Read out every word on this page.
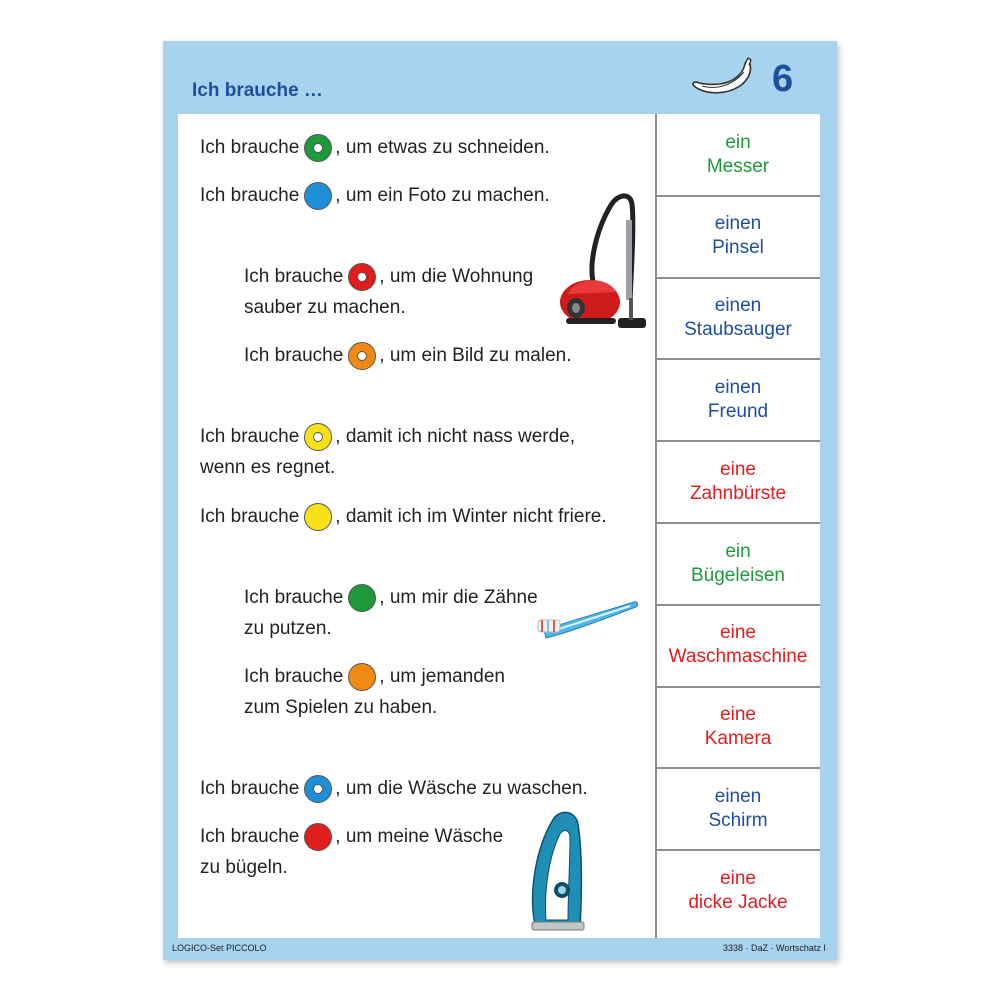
Ich brauche …	6
Ich brauche , um etwas zu schneiden.
Ich brauche , um ein Foto zu machen.
Ich brauche , um die Wohnung
sauber zu machen.
Ich brauche , um ein Bild zu malen.
Ich brauche , damit ich nicht nass werde,
wenn es regnet.
Ich brauche , damit ich im Winter nicht friere.
Ich brauche , um mir die Zähne
zu putzen.
Ich brauche , um jemanden
zum Spielen zu haben.
Ich brauche , um die Wäsche zu waschen.
Ich brauche , um meine Wäsche
zu bügeln.
ein
Messer
einen
Pinsel
einen
Staubsauger
einen
Freund
eine
Zahnbürste
ein
Bügeleisen
eine
Waschmaschine
eine
Kamera
einen
Schirm
eine
dicke Jacke
LOGICO-Set PICCOLO	3338 · DaZ · Wortschatz I
